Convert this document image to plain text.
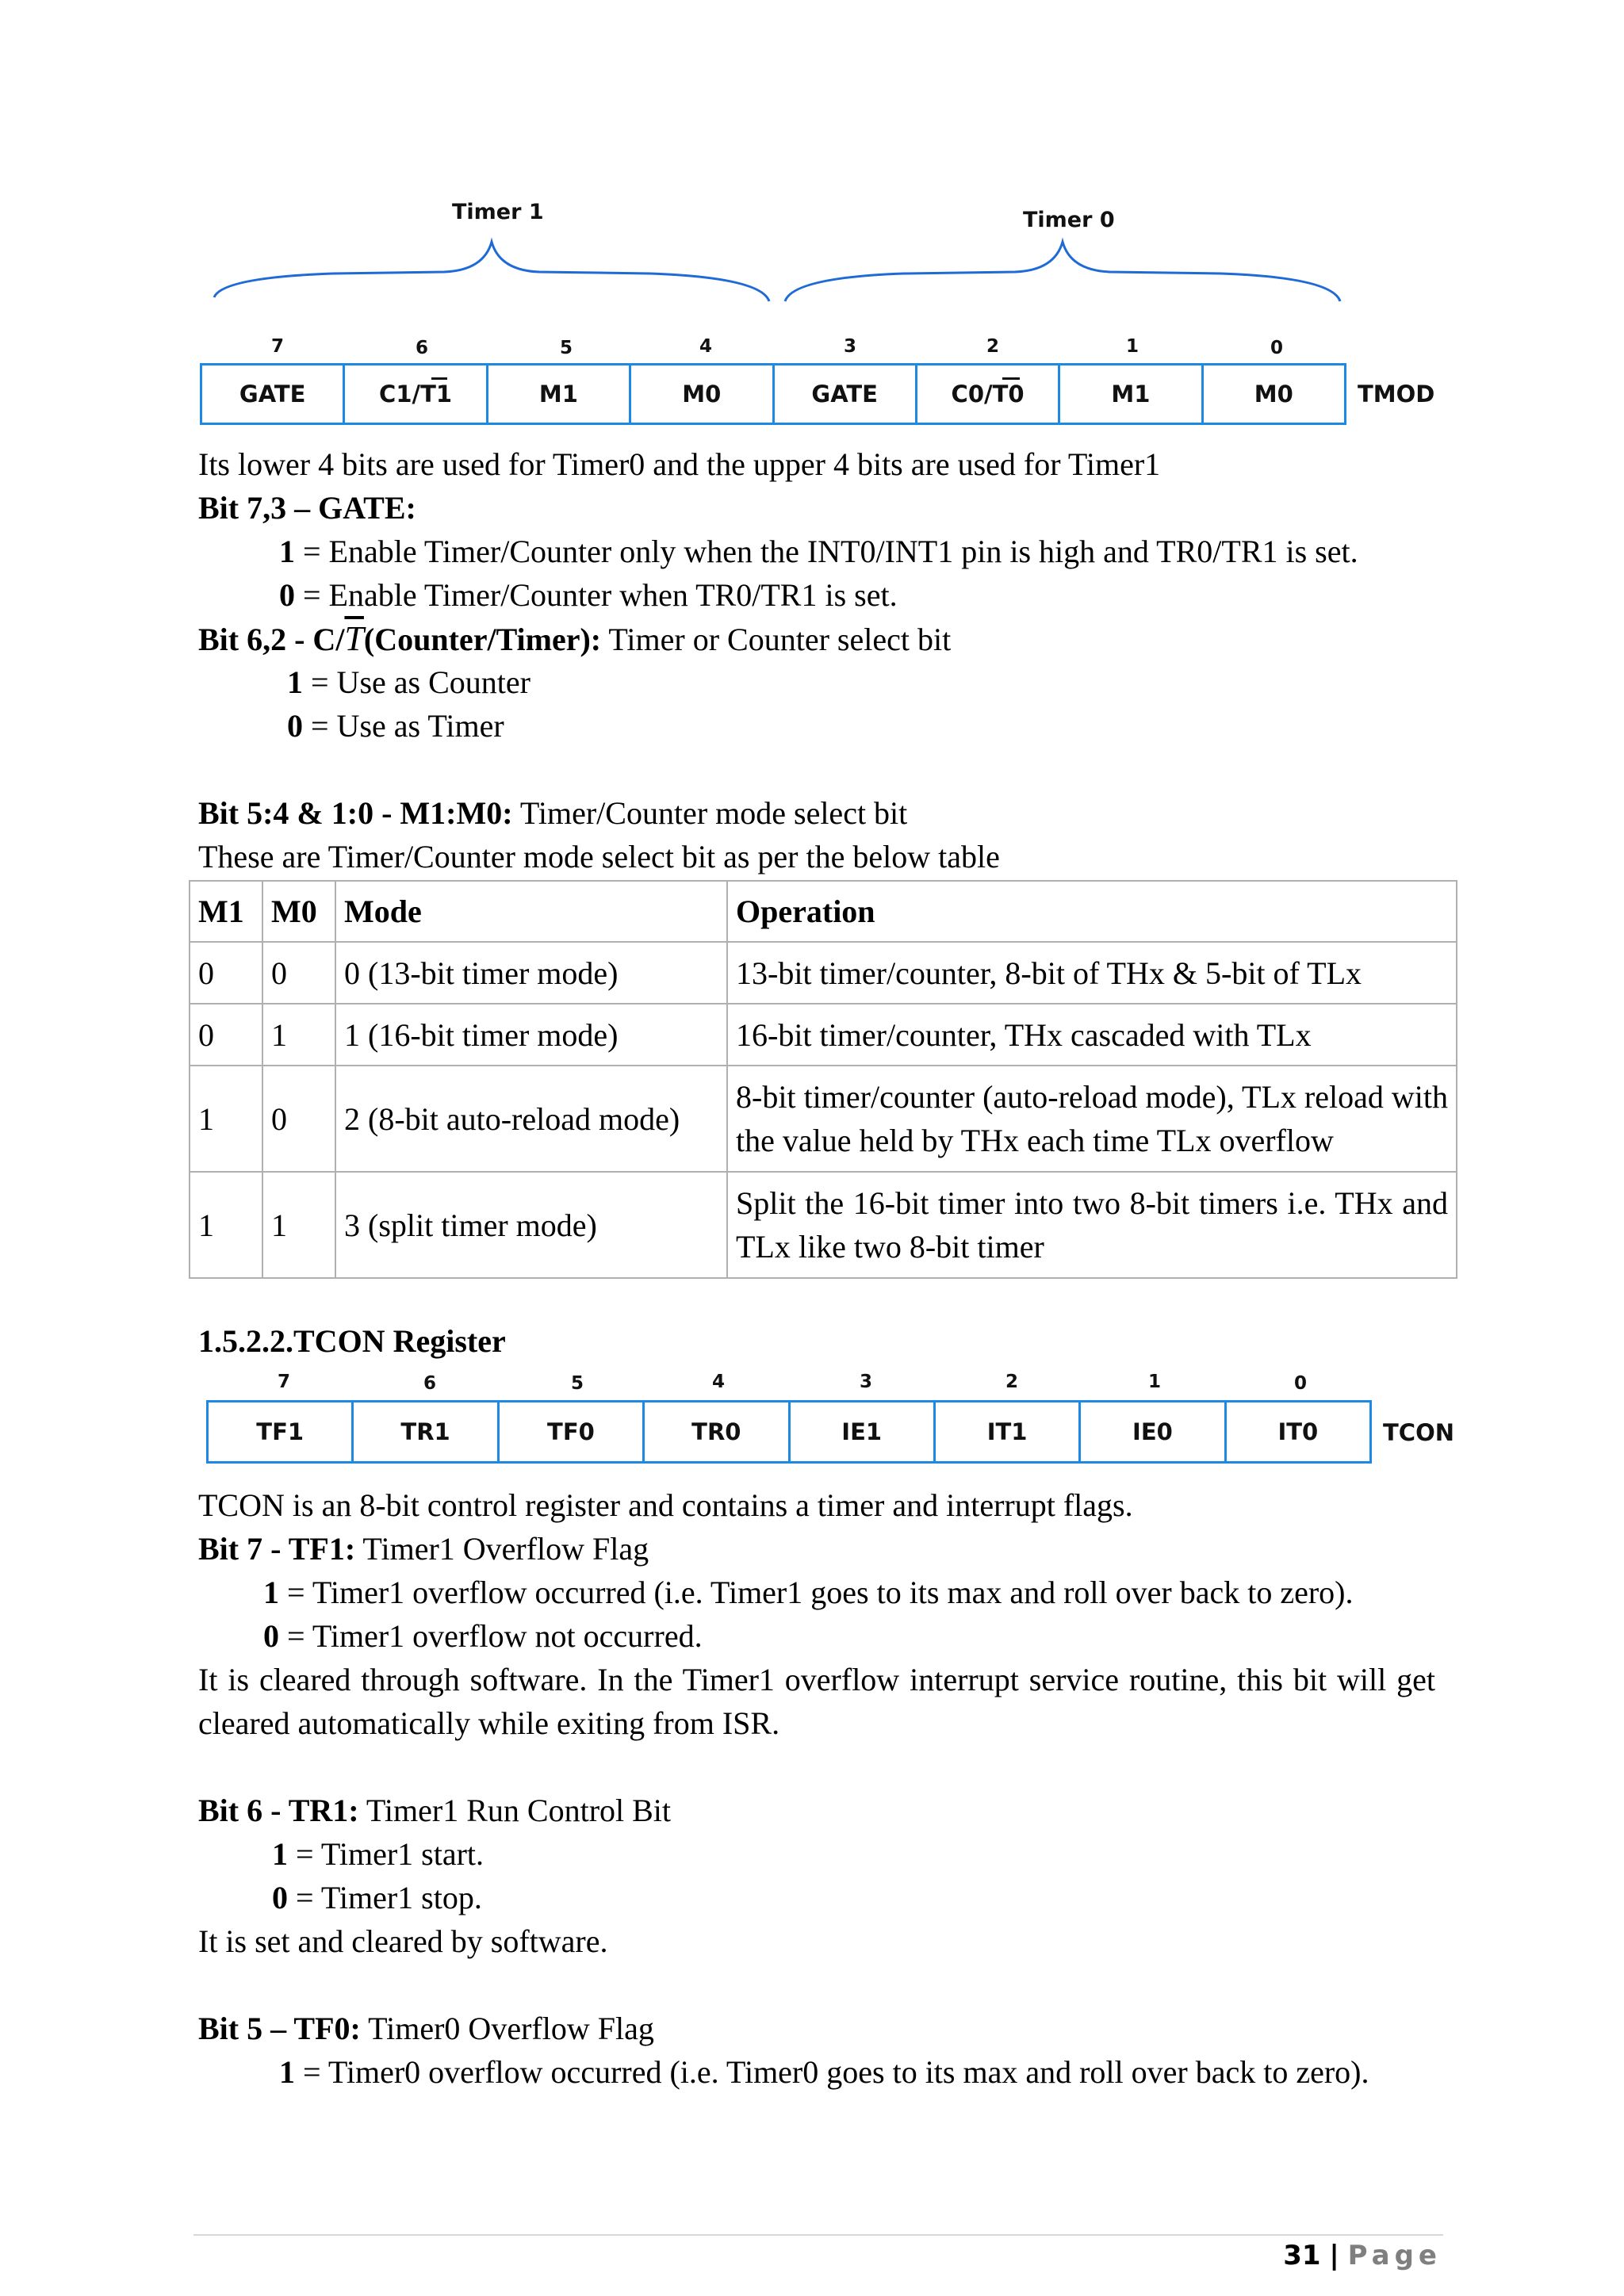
Timer 1	Timer 0
7	6	5	4	3	2	1	0
GATE	C1/T1	M1	M0	GATE	C0/T0	M1	M0	TMOD
Its lower 4 bits are used for Timer0 and the upper 4 bits are used for Timer1
Bit 7,3 – GATE:
1 = Enable Timer/Counter only when the INT0/INT1 pin is high and TR0/TR1 is set.
0 = Enable Timer/Counter when TR0/TR1 is set.
Bit $6,2 - C/\overline{T}(Counter/Timer)$: Timer or Counter select bit
1 = Use as Counter
0 = Use as Timer
Bit 5:4 & 1:0 - M1:M0: Timer/Counter mode select bit
These are Timer/Counter mode select bit as per the below table
M1	M0	Mode	Operation
0	0	0 (13-bit timer mode)	13-bit timer/counter, 8-bit of THx & 5-bit of TLx
0	1	1 (16-bit timer mode)	16-bit timer/counter, THx cascaded with TLx
1	0	2 (8-bit auto-reload mode)	8-bit timer/counter (auto-reload mode), TLx reload with the value held by THx each time TLx overflow
1	1	3 (split timer mode)	Split the 16-bit timer into two 8-bit timers i.e. THx and TLx like two 8-bit timer
1.5.2.2.TCON Register
7	6	5	4	3	2	1	0
TF1	TR1	TF0	TR0	IE1	IT1	IE0	IT0	TCON
TCON is an 8-bit control register and contains a timer and interrupt flags.
Bit 7 - TF1: Timer1 Overflow Flag
1 = Timer1 overflow occurred (i.e. Timer1 goes to its max and roll over back to zero).
0 = Timer1 overflow not occurred.
It is cleared through software. In the Timer1 overflow interrupt service routine, this bit will get cleared automatically while exiting from ISR.
Bit 6 - TR1: Timer1 Run Control Bit
1 = Timer1 start.
0 = Timer1 stop.
It is set and cleared by software.
Bit 5 – TF0: Timer0 Overflow Flag
1 = Timer0 overflow occurred (i.e. Timer0 goes to its max and roll over back to zero).
31 | Page
